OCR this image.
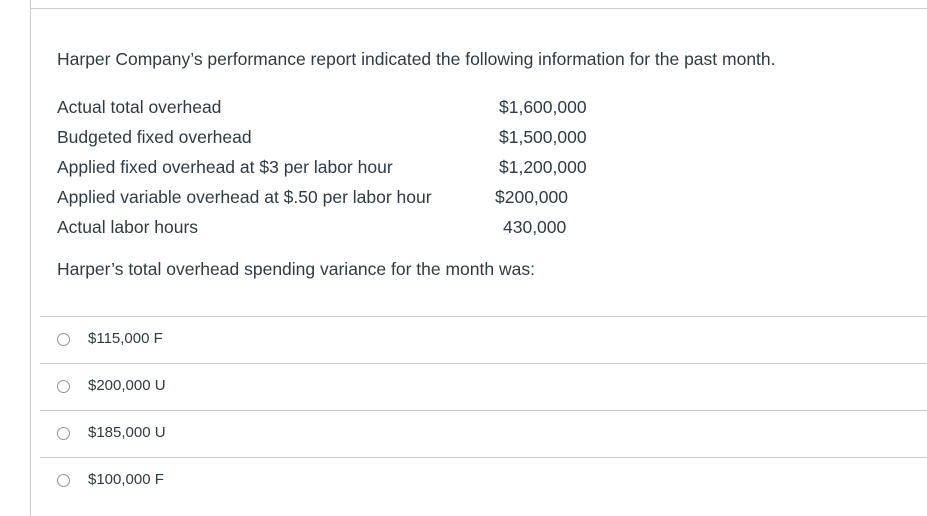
Harper Company’s performance report indicated the following information for the past month.
Actual total overhead	$1,600,000
Budgeted fixed overhead	$1,500,000
Applied fixed overhead at $3 per labor hour	$1,200,000
Applied variable overhead at $.50 per labor hour	$200,000
Actual labor hours	430,000
Harper’s total overhead spending variance for the month was:
$115,000 F
$200,000 U
$185,000 U
$100,000 F
